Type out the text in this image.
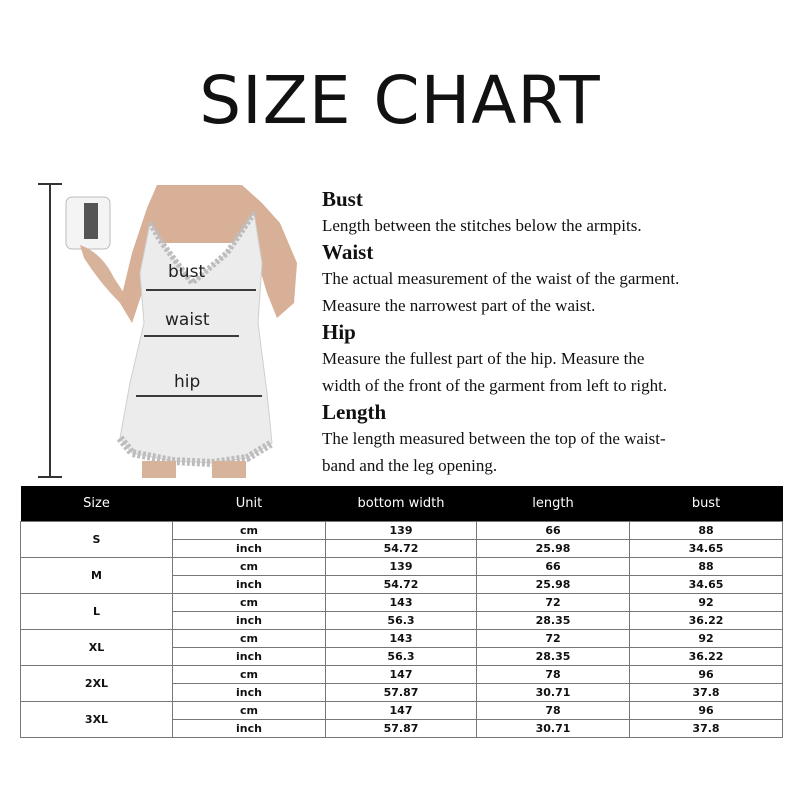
SIZE CHART
bust
waist
hip
Bust
Length between the stitches below the armpits.
Waist
The actual measurement of the waist of the garment.
Measure the narrowest part of the waist.
Hip
Measure the fullest part of the hip. Measure the
width of the front of the garment from left to right.
Length
The length measured between the top of the waist-
band and the leg opening.
Size	Unit	bottom width	length	bust
S	cm	139	66	88
	inch	54.72	25.98	34.65
M	cm	139	66	88
	inch	54.72	25.98	34.65
L	cm	143	72	92
	inch	56.3	28.35	36.22
XL	cm	143	72	92
	inch	56.3	28.35	36.22
2XL	cm	147	78	96
	inch	57.87	30.71	37.8
3XL	cm	147	78	96
	inch	57.87	30.71	37.8
